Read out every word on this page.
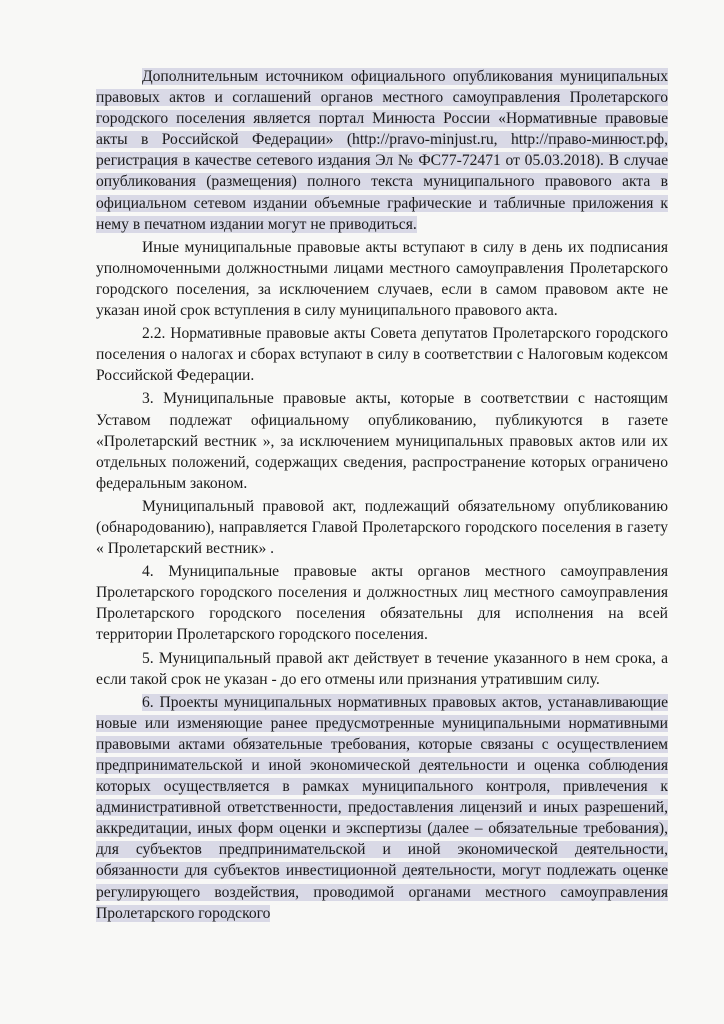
Дополнительным источником официального опубликования муниципальных правовых актов и соглашений органов местного самоуправления Пролетарского городского поселения является портал Минюста России «Нормативные правовые акты в Российской Федерации» (http://pravo-minjust.ru, http://право-минюст.рф, регистрация в качестве сетевого издания Эл № ФС77-72471 от 05.03.2018). В случае опубликования (размещения) полного текста муниципального правового акта в официальном сетевом издании объемные графические и табличные приложения к нему в печатном издании могут не приводиться.

Иные муниципальные правовые акты вступают в силу в день их подписания уполномоченными должностными лицами местного самоуправления Пролетарского городского поселения, за исключением случаев, если в самом правовом акте не указан иной срок вступления в силу муниципального правового акта.

2.2. Нормативные правовые акты Совета депутатов Пролетарского городского поселения о налогах и сборах вступают в силу в соответствии с Налоговым кодексом Российской Федерации.

3. Муниципальные правовые акты, которые в соответствии с настоящим Уставом подлежат официальному опубликованию, публикуются в газете «Пролетарский вестник », за исключением муниципальных правовых актов или их отдельных положений, содержащих сведения, распространение которых ограничено федеральным законом.

Муниципальный правовой акт, подлежащий обязательному опубликованию (обнародованию), направляется Главой Пролетарского городского поселения в газету « Пролетарский вестник» .

4. Муниципальные правовые акты органов местного самоуправления Пролетарского городского поселения и должностных лиц местного самоуправления Пролетарского городского поселения обязательны для исполнения на всей территории Пролетарского городского поселения.

5. Муниципальный правой акт действует в течение указанного в нем срока, а если такой срок не указан - до его отмены или признания утратившим силу.

6. Проекты муниципальных нормативных правовых актов, устанавливающие новые или изменяющие ранее предусмотренные муниципальными нормативными правовыми актами обязательные требования, которые связаны с осуществлением предпринимательской и иной экономической деятельности и оценка соблюдения которых осуществляется в рамках муниципального контроля, привлечения к административной ответственности, предоставления лицензий и иных разрешений, аккредитации, иных форм оценки и экспертизы (далее – обязательные требования), для субъектов предпринимательской и иной экономической деятельности, обязанности для субъектов инвестиционной деятельности, могут подлежать оценке регулирующего воздействия, проводимой органами местного самоуправления Пролетарского городского
